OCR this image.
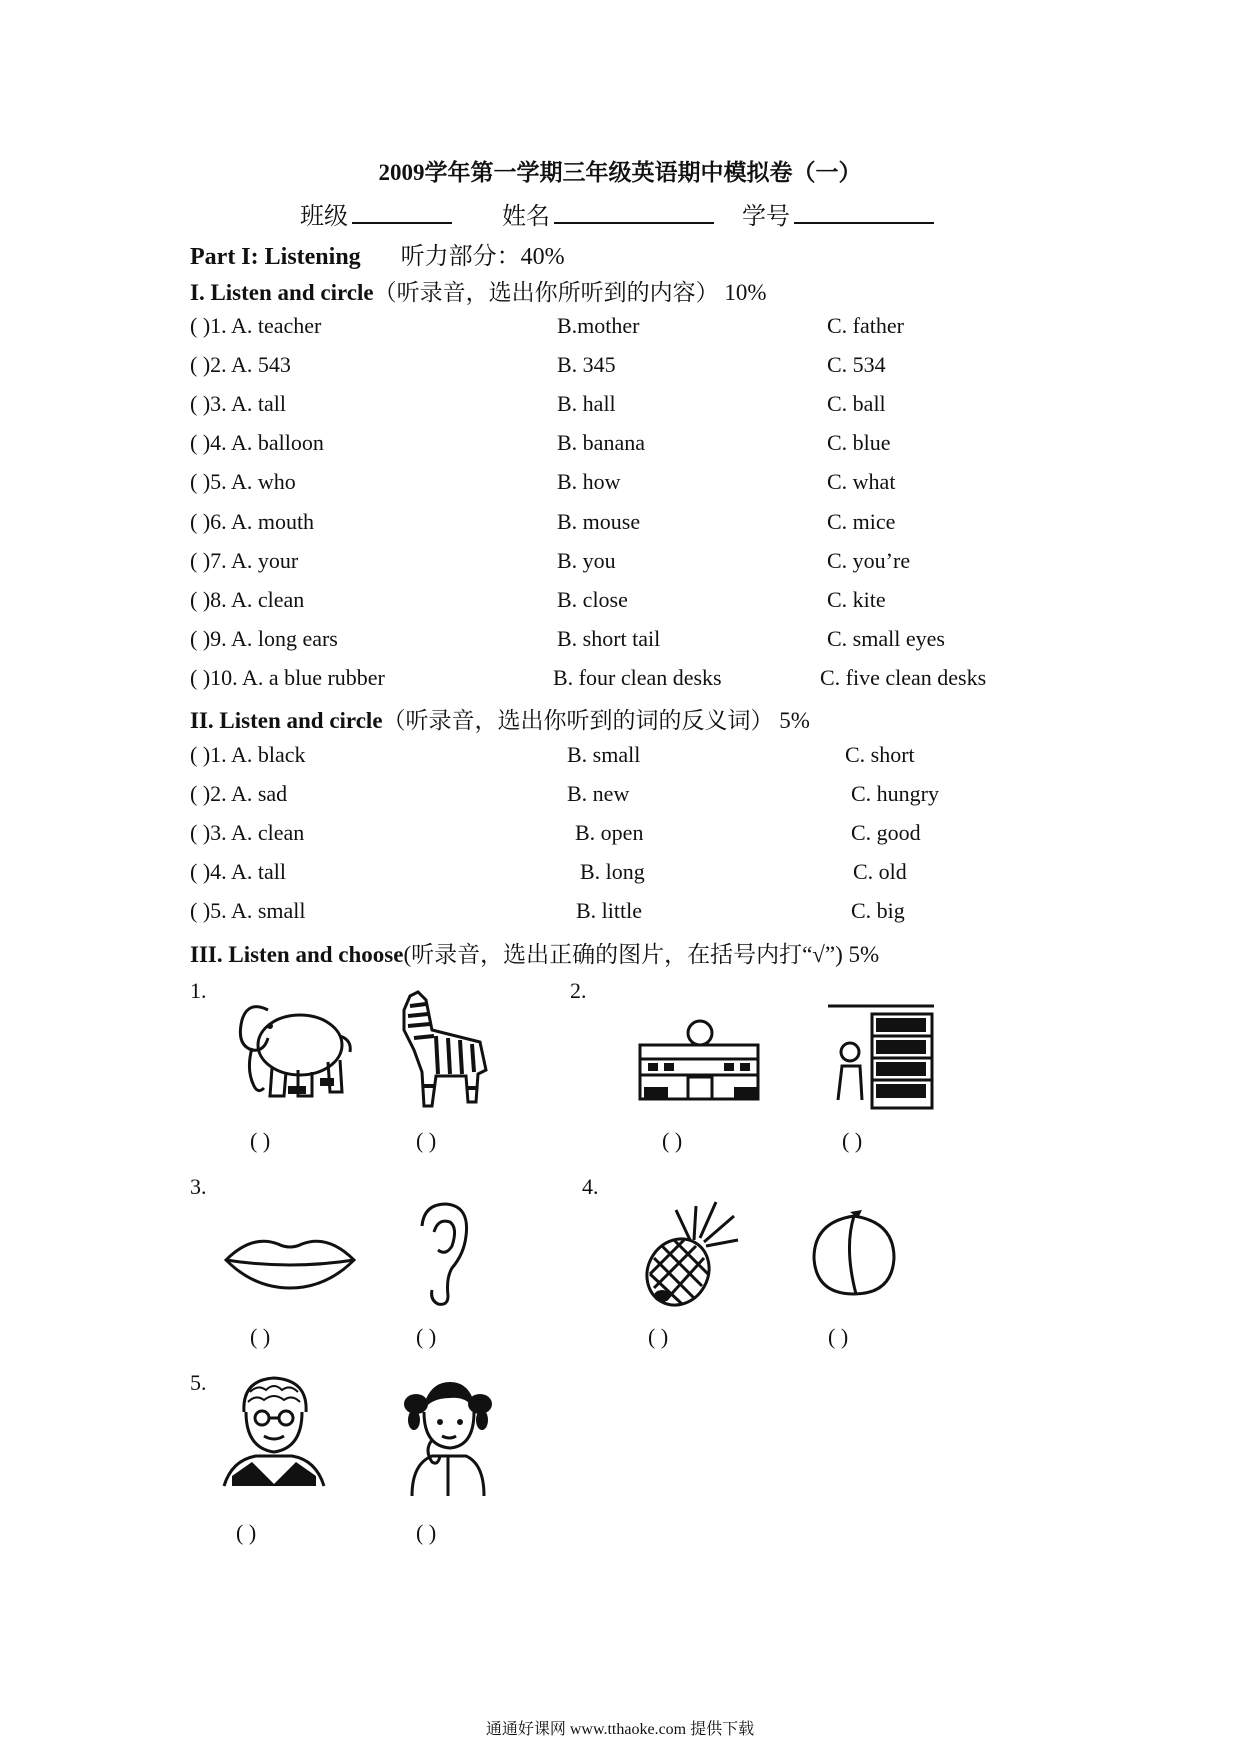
2009学年第一学期三年级英语期中模拟卷（一）
班级	姓名	学号
Part I: Listening 听力部分：40%
I. Listen and circle（听录音，选出你所听到的内容） 10%
( )1. A. teacher	B.mother	C. father
( )2. A. 543	B. 345	C. 534
( )3. A. tall	B. hall	C. ball
( )4. A. balloon	B. banana	C. blue
( )5. A. who	B. how	C. what
( )6. A. mouth	B. mouse	C. mice
( )7. A. your	B. you	C. you’re
( )8. A. clean	B. close	C. kite
( )9. A. long ears	B. short tail	C. small eyes
( )10. A. a blue rubber	B. four clean desks	C. five clean desks
II. Listen and circle（听录音，选出你听到的词的反义词） 5%
( )1. A. black	B. small	C. short
( )2. A. sad	B. new	C. hungry
( )3. A. clean	B. open	C. good
( )4. A. tall	B. long	C. old
( )5. A. small	B. little	C. big
III. Listen and choose(听录音，选出正确的图片，在括号内打“√”) 5%
1.	2.
3.	4.
5.
( )	( )	( )	( )
( )	( )	( )	( )
( )	( )
通通好课网 www.tthaoke.com 提供下载
